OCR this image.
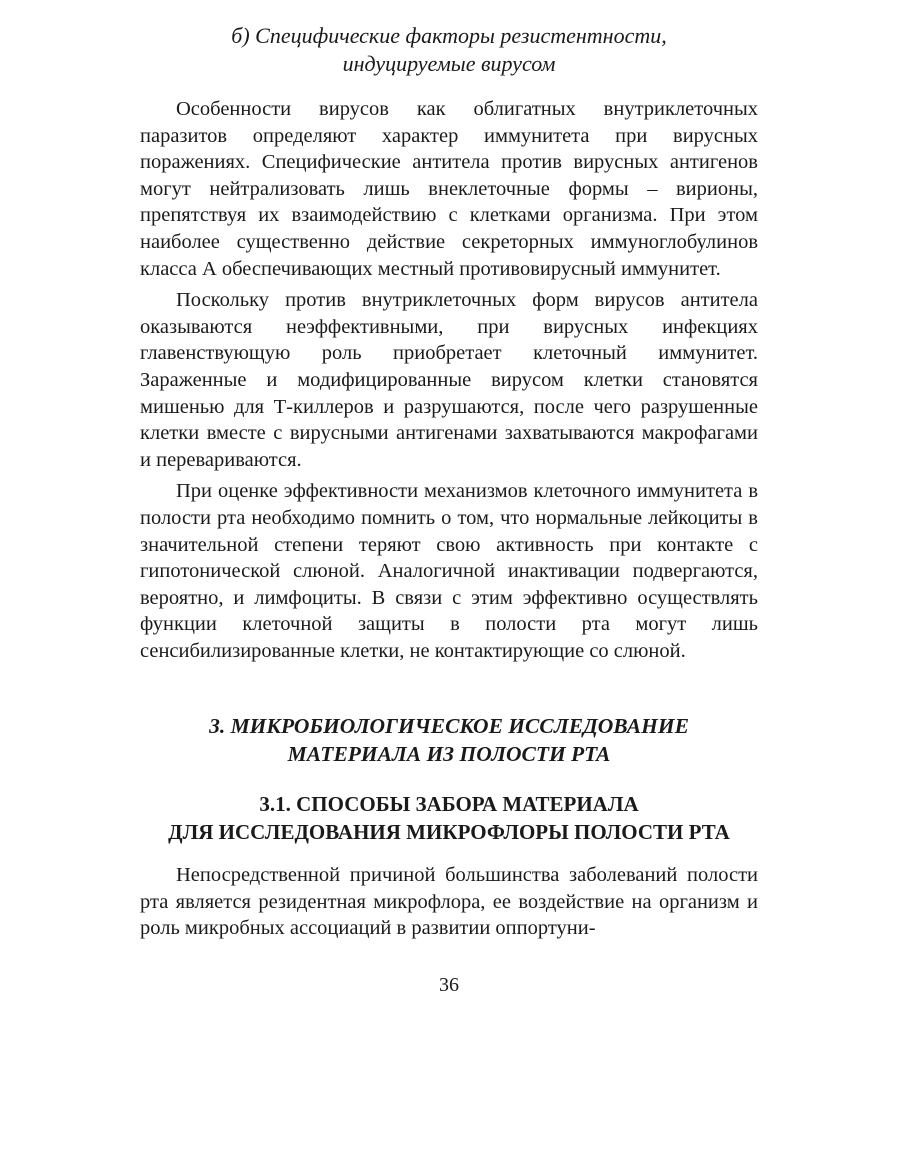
б) Специфические факторы резистентности,
индуцируемые вирусом

Особенности вирусов как облигатных внутриклеточных паразитов определяют характер иммунитета при вирусных поражениях. Специфические антитела против вирусных антигенов могут нейтрализовать лишь внеклеточные формы – вирионы, препятствуя их взаимодействию с клетками организма. При этом наиболее существенно действие секреторных иммуноглобулинов класса А обеспечивающих местный противовирусный иммунитет.

Поскольку против внутриклеточных форм вирусов антитела оказываются неэффективными, при вирусных инфекциях главенствующую роль приобретает клеточный иммунитет. Зараженные и модифицированные вирусом клетки становятся мишенью для Т-киллеров и разрушаются, после чего разрушенные клетки вместе с вирусными антигенами захватываются макрофагами и перевариваются.

При оценке эффективности механизмов клеточного иммунитета в полости рта необходимо помнить о том, что нормальные лейкоциты в значительной степени теряют свою активность при контакте с гипотонической слюной. Аналогичной инактивации подвергаются, вероятно, и лимфоциты. В связи с этим эффективно осуществлять функции клеточной защиты в полости рта могут лишь сенсибилизированные клетки, не контактирующие со слюной.

3. МИКРОБИОЛОГИЧЕСКОЕ ИССЛЕДОВАНИЕ
МАТЕРИАЛА ИЗ ПОЛОСТИ РТА
3.1. СПОСОБЫ ЗАБОРА МАТЕРИАЛА
ДЛЯ ИССЛЕДОВАНИЯ МИКРОФЛОРЫ ПОЛОСТИ РТА

Непосредственной причиной большинства заболеваний полости рта является резидентная микрофлора, ее воздействие на организм и роль микробных ассоциаций в развитии оппортуни-

36
